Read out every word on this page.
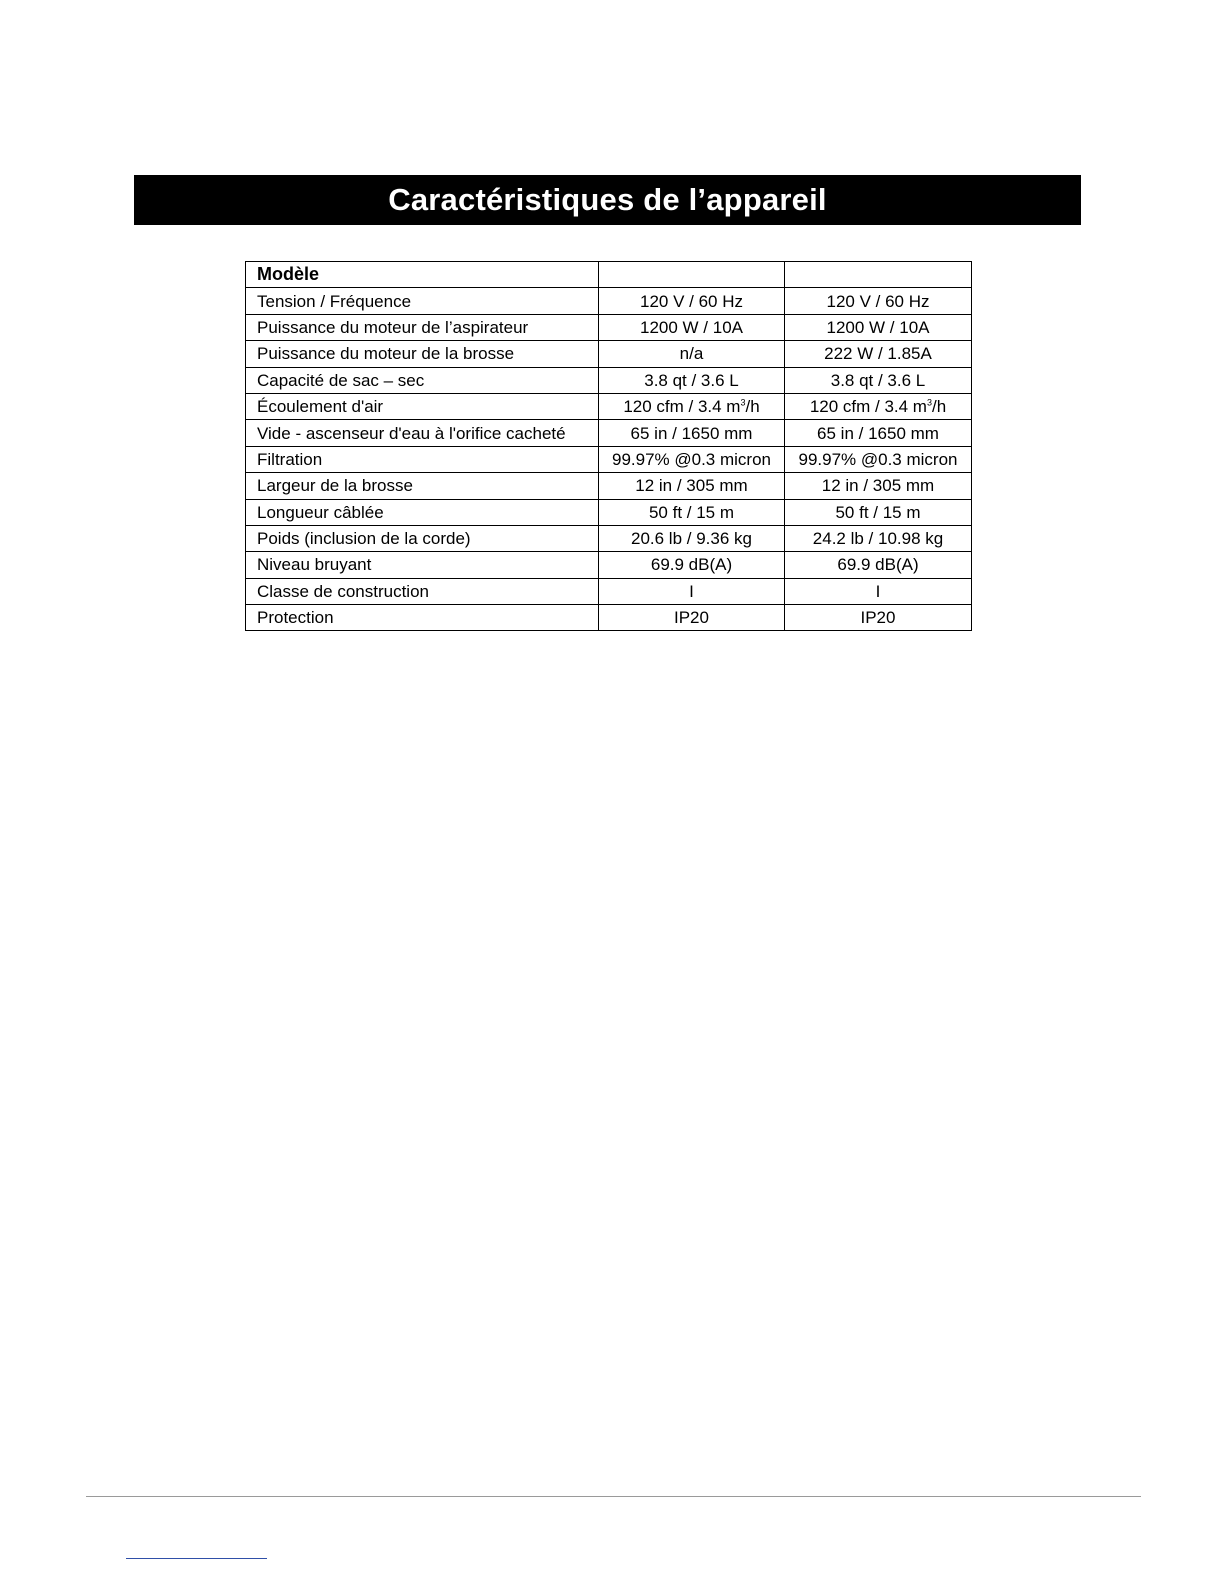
Caractéristiques de l’appareil
Modèle		
Tension / Fréquence	120 V / 60 Hz	120 V / 60 Hz
Puissance du moteur de l’aspirateur	1200 W / 10A	1200 W / 10A
Puissance du moteur de la brosse	n/a	222 W / 1.85A
Capacité de sac – sec	3.8 qt / 3.6 L	3.8 qt / 3.6 L
Écoulement d'air	120 cfm / 3.4 $m^3/h$	120 cfm / 3.4 $m^3/h$
Vide - ascenseur d'eau à l'orifice cacheté	65 in / 1650 mm	65 in / 1650 mm
Filtration	99.97% @0.3 micron	99.97% @0.3 micron
Largeur de la brosse	12 in / 305 mm	12 in / 305 mm
Longueur câblée	50 ft / 15 m	50 ft / 15 m
Poids (inclusion de la corde)	20.6 lb / 9.36 kg	24.2 lb / 10.98 kg
Niveau bruyant	69.9 dB(A)	69.9 dB(A)
Classe de construction	I	I
Protection	IP20	IP20
